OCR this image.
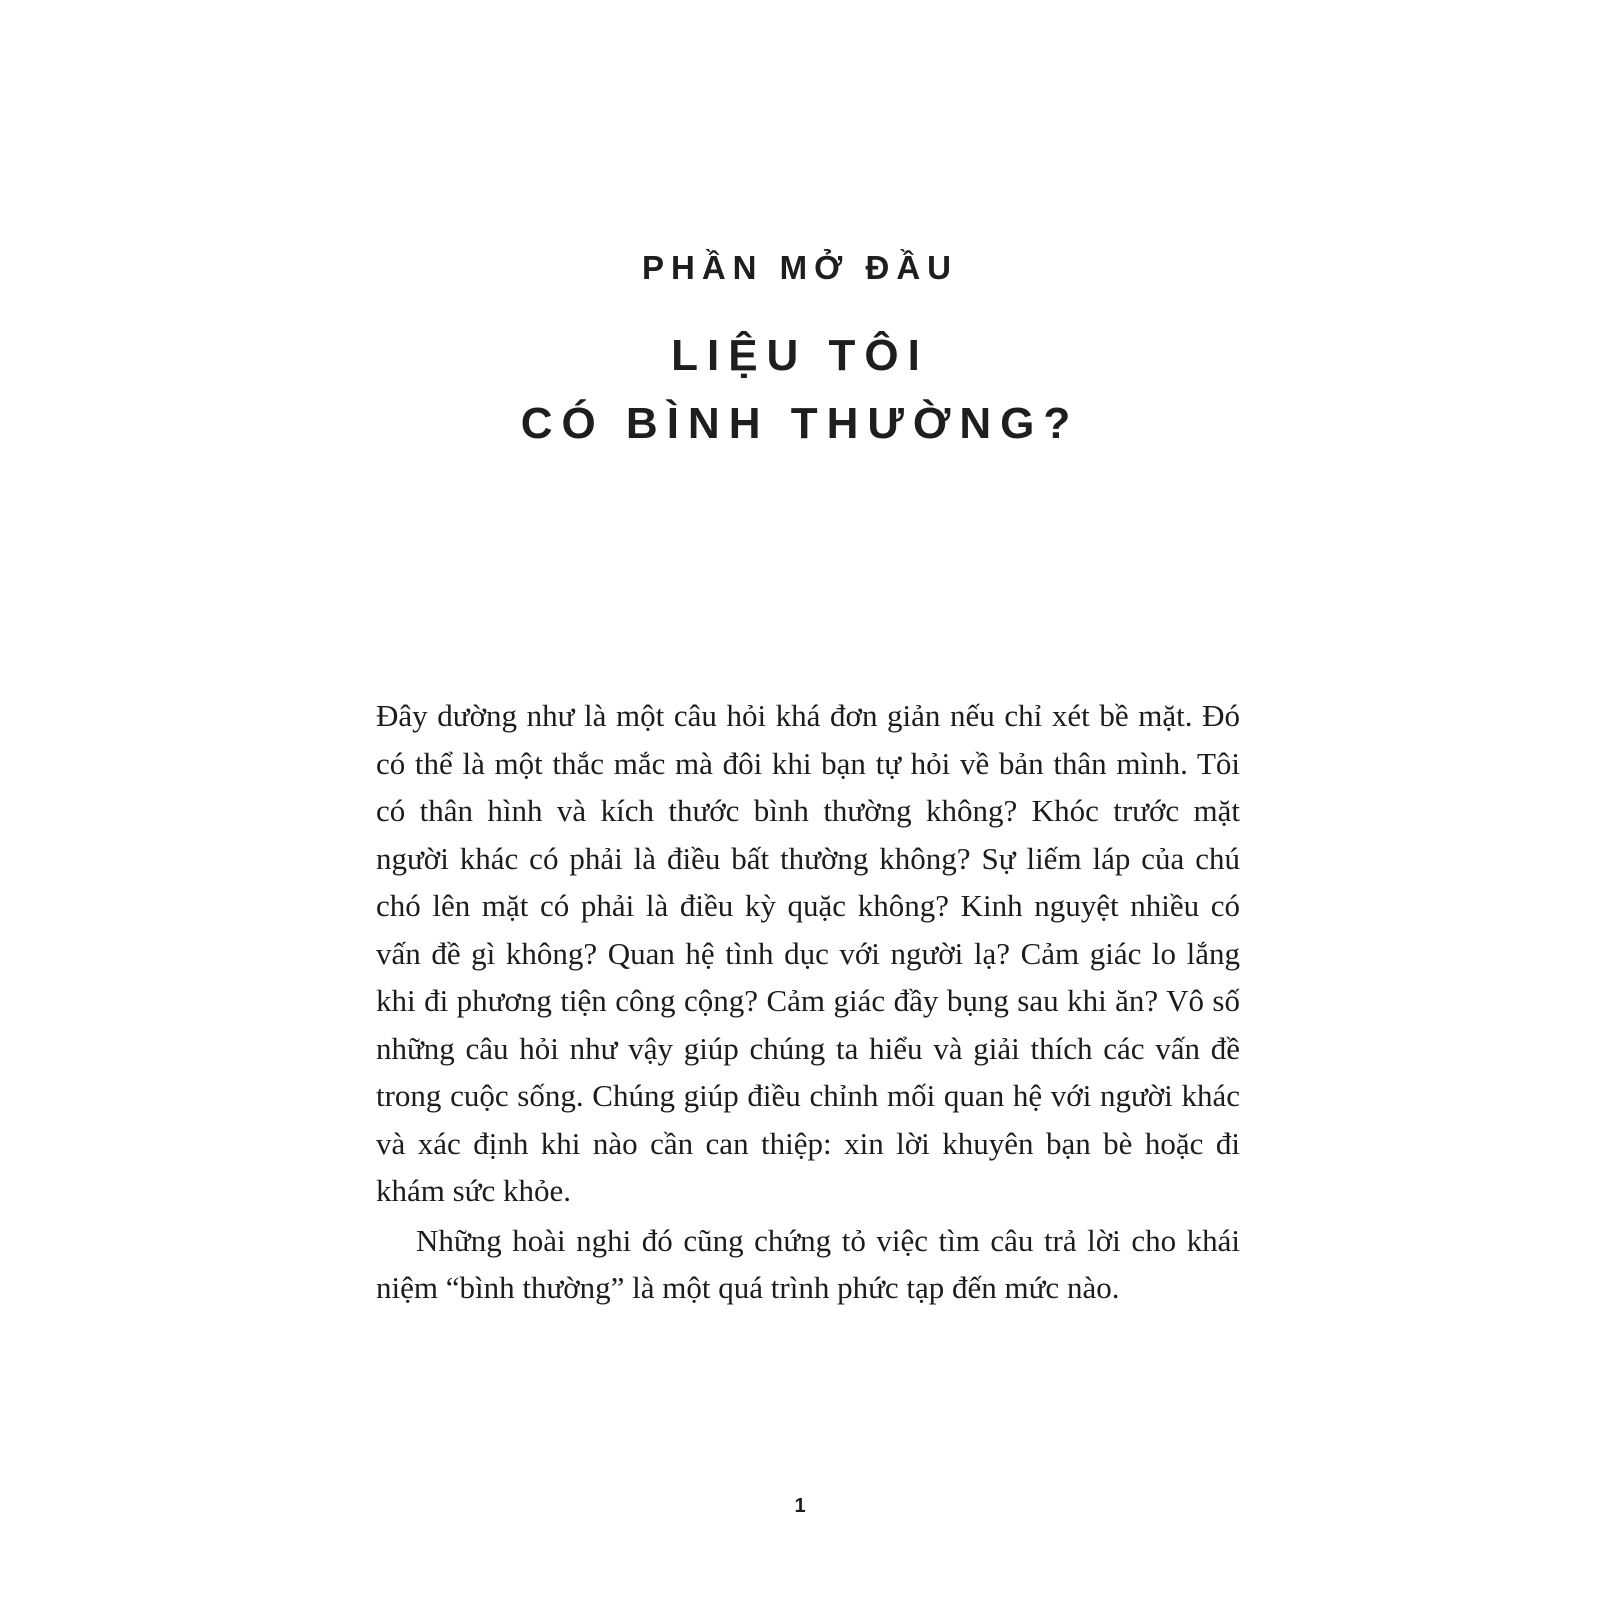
PHẦN MỞ ĐẦU
LIỆU TÔI
CÓ BÌNH THƯỜNG?

Đây dường như là một câu hỏi khá đơn giản nếu chỉ xét bề mặt. Đó có thể là một thắc mắc mà đôi khi bạn tự hỏi về bản thân mình. Tôi có thân hình và kích thước bình thường không? Khóc trước mặt người khác có phải là điều bất thường không? Sự liếm láp của chú chó lên mặt có phải là điều kỳ quặc không? Kinh nguyệt nhiều có vấn đề gì không? Quan hệ tình dục với người lạ? Cảm giác lo lắng khi đi phương tiện công cộng? Cảm giác đầy bụng sau khi ăn? Vô số những câu hỏi như vậy giúp chúng ta hiểu và giải thích các vấn đề trong cuộc sống. Chúng giúp điều chỉnh mối quan hệ với người khác và xác định khi nào cần can thiệp: xin lời khuyên bạn bè hoặc đi khám sức khỏe.

Những hoài nghi đó cũng chứng tỏ việc tìm câu trả lời cho khái niệm “bình thường” là một quá trình phức tạp đến mức nào.

1
